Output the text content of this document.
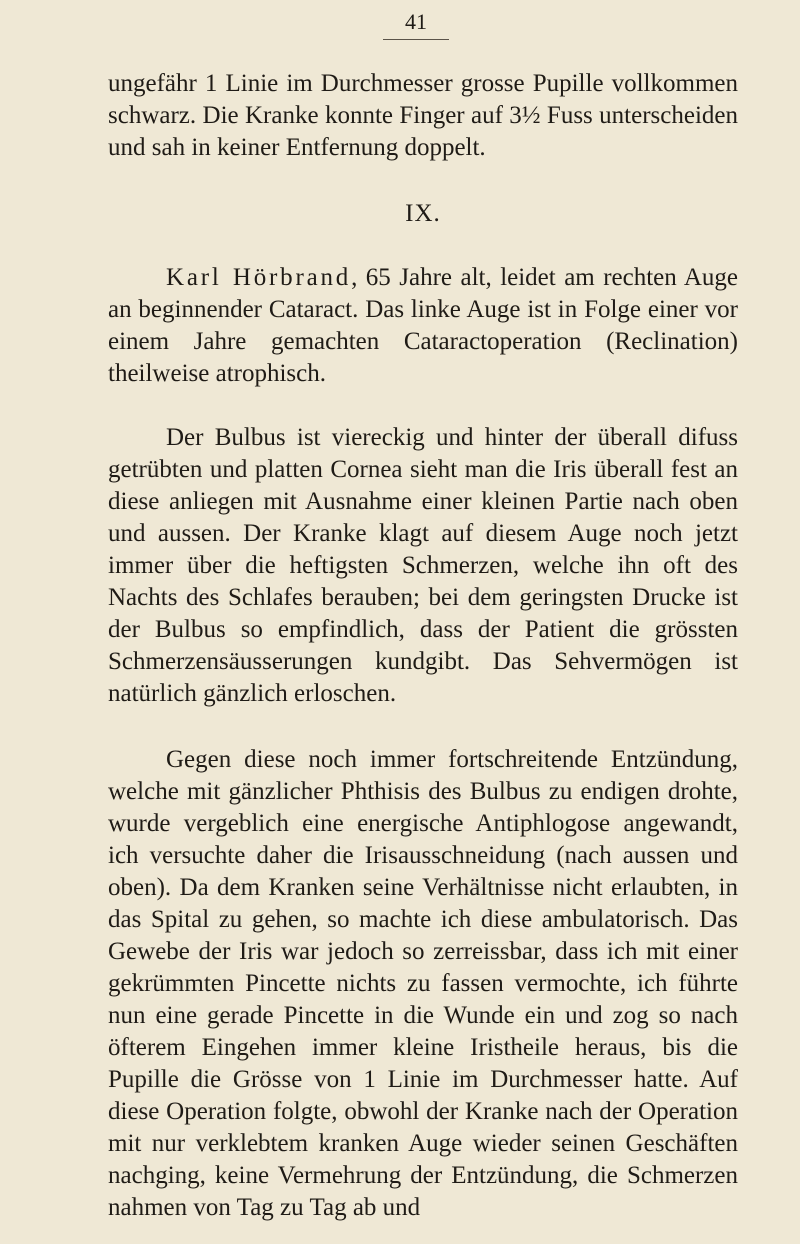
41

ungefähr 1 Linie im Durchmesser grosse Pupille vollkommen schwarz. Die Kranke konnte Finger auf 3½ Fuss unterscheiden und sah in keiner Entfernung doppelt.

IX.

Karl Hörbrand, 65 Jahre alt, leidet am rechten Auge an beginnender Cataract. Das linke Auge ist in Folge einer vor einem Jahre gemachten Cataractoperation (Reclination) theilweise atrophisch.

Der Bulbus ist viereckig und hinter der überall difuss getrübten und platten Cornea sieht man die Iris überall fest an diese anliegen mit Ausnahme einer kleinen Partie nach oben und aussen. Der Kranke klagt auf diesem Auge noch jetzt immer über die heftigsten Schmerzen, welche ihn oft des Nachts des Schlafes berauben; bei dem geringsten Drucke ist der Bulbus so empfindlich, dass der Patient die grössten Schmerzensäusserungen kundgibt. Das Sehvermögen ist natürlich gänzlich erloschen.

Gegen diese noch immer fortschreitende Entzündung, welche mit gänzlicher Phthisis des Bulbus zu endigen drohte, wurde vergeblich eine energische Antiphlogose angewandt, ich versuchte daher die Irisausschneidung (nach aussen und oben). Da dem Kranken seine Verhältnisse nicht erlaubten, in das Spital zu gehen, so machte ich diese ambulatorisch. Das Gewebe der Iris war jedoch so zerreissbar, dass ich mit einer gekrümmten Pincette nichts zu fassen vermochte, ich führte nun eine gerade Pincette in die Wunde ein und zog so nach öfterem Eingehen immer kleine Iristheile heraus, bis die Pupille die Grösse von 1 Linie im Durchmesser hatte. Auf diese Operation folgte, obwohl der Kranke nach der Operation mit nur verklebtem kranken Auge wieder seinen Geschäften nachging, keine Vermehrung der Entzündung, die Schmerzen nahmen von Tag zu Tag ab und
